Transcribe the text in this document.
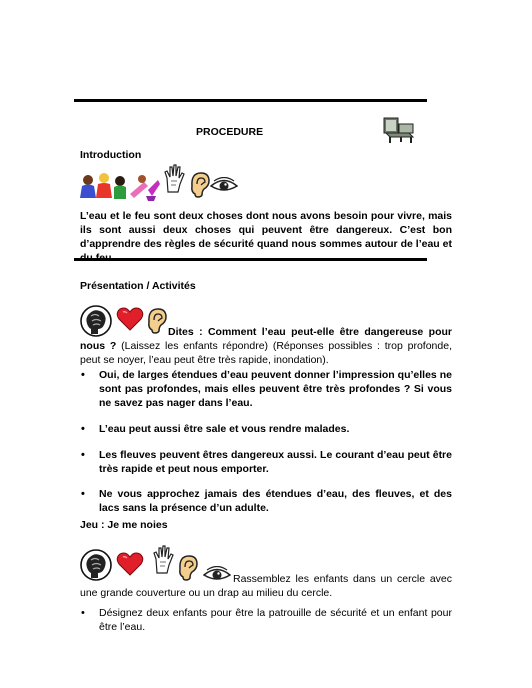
PROCEDURE
Introduction
L’eau et le feu sont deux choses dont nous avons besoin pour vivre, mais ils sont aussi deux choses qui peuvent être dangereux. C’est bon d’apprendre des règles de sécurité quand nous sommes autour de l’eau et
Présentation / Activités
Dites : Comment l’eau peut-elle être dangereuse pour nous ? (Laissez les enfants répondre) (Réponses possibles : trop profonde, peut se noyer, l’eau peut être très rapide, inondation).
• Oui, de larges étendues d’eau peuvent donner l’impression qu’elles ne sont pas profondes, mais elles peuvent être très profondes ? Si vous ne savez pas nager dans l’eau.
• L’eau peut aussi être sale et vous rendre malades.
• Les fleuves peuvent êtres dangereux aussi. Le courant d’eau peut être très rapide et peut nous emporter.
• Ne vous approchez jamais des étendues d’eau, des fleuves, et des lacs sans la présence d’un adulte.
Jeu : Je me noies
Rassemblez les enfants dans un cercle avec une grande couverture ou un drap au milieu du cercle.
• Désignez deux enfants pour être la patrouille de sécurité et un enfant pour être l’eau.
